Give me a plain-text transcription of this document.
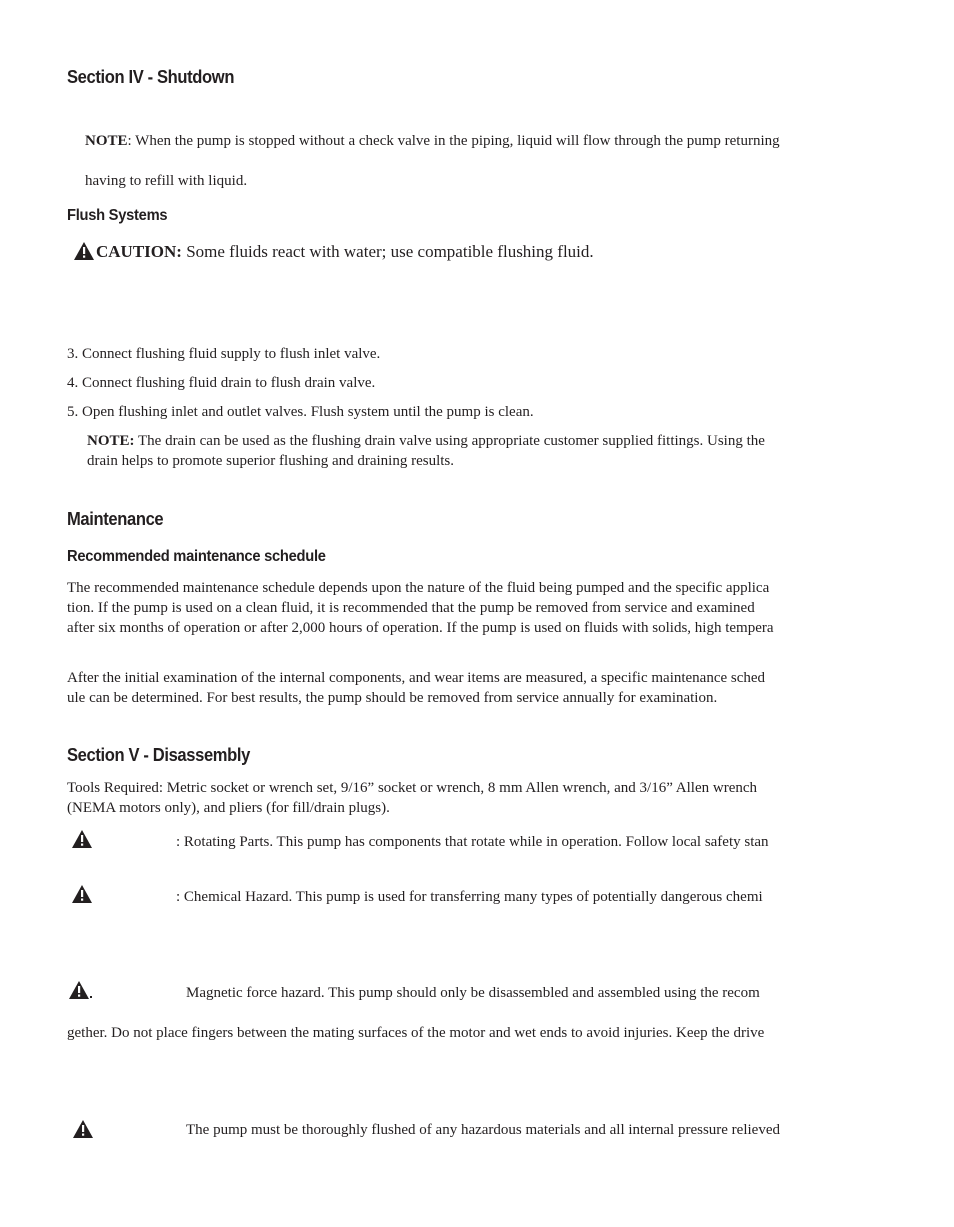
Section IV - Shutdown
NOTE: When the pump is stopped without a check valve in the piping, liquid will flow through the pump returning
having to refill with liquid.
Flush Systems
CAUTION: Some fluids react with water; use compatible flushing fluid.
3. Connect flushing fluid supply to flush inlet valve.
4. Connect flushing fluid drain to flush drain valve.
5. Open flushing inlet and outlet valves. Flush system until the pump is clean.
NOTE: The drain can be used as the flushing drain valve using appropriate customer supplied fittings. Using the
drain helps to promote superior flushing and draining results.
Maintenance
Recommended maintenance schedule
The recommended maintenance schedule depends upon the nature of the fluid being pumped and the specific applica
tion. If the pump is used on a clean fluid, it is recommended that the pump be removed from service and examined
after six months of operation or after 2,000 hours of operation. If the pump is used on fluids with solids, high tempera
After the initial examination of the internal components, and wear items are measured, a specific maintenance sched
ule can be determined. For best results, the pump should be removed from service annually for examination.
Section V - Disassembly
Tools Required: Metric socket or wrench set, 9/16” socket or wrench, 8 mm Allen wrench, and 3/16” Allen wrench
(NEMA motors only), and pliers (for fill/drain plugs).
: Rotating Parts. This pump has components that rotate while in operation. Follow local safety stan
: Chemical Hazard. This pump is used for transferring many types of potentially dangerous chemi
Magnetic force hazard. This pump should only be disassembled and assembled using the recom
gether. Do not place fingers between the mating surfaces of the motor and wet ends to avoid injuries. Keep the drive
The pump must be thoroughly flushed of any hazardous materials and all internal pressure relieved
